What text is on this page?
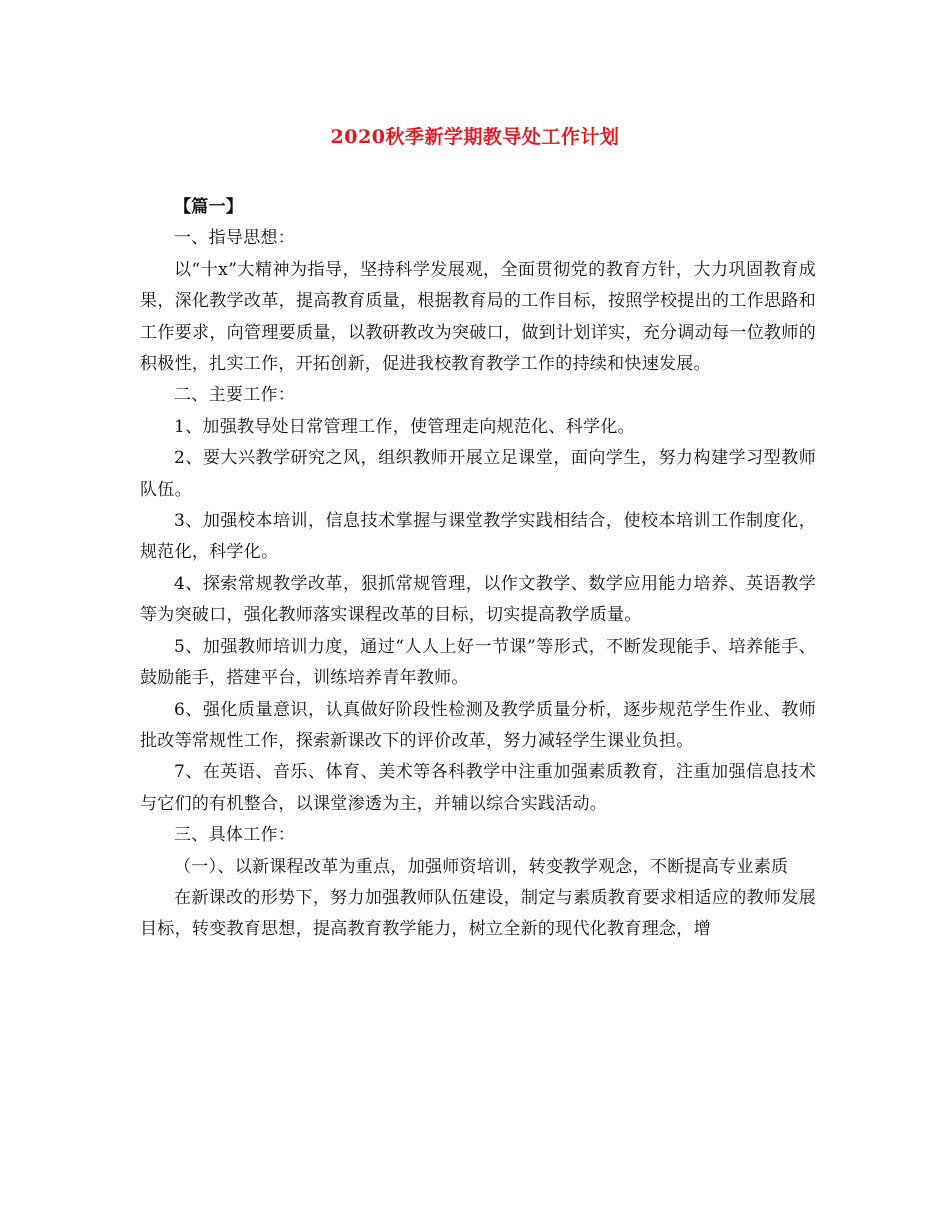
2020秋季新学期教导处工作计划

【篇一】

一、指导思想：

以“十x”大精神为指导，坚持科学发展观，全面贯彻党的教育方针，大力巩固教育成果，深化教学改革，提高教育质量，根据教育局的工作目标，按照学校提出的工作思路和工作要求，向管理要质量，以教研教改为突破口，做到计划详实，充分调动每一位教师的积极性，扎实工作，开拓创新，促进我校教育教学工作的持续和快速发展。

二、主要工作：

1、加强教导处日常管理工作，使管理走向规范化、科学化。

2、要大兴教学研究之风，组织教师开展立足课堂，面向学生，努力构建学习型教师队伍。

3、加强校本培训，信息技术掌握与课堂教学实践相结合，使校本培训工作制度化，规范化，科学化。

4、探索常规教学改革，狠抓常规管理，以作文教学、数学应用能力培养、英语教学等为突破口，强化教师落实课程改革的目标，切实提高教学质量。

5、加强教师培训力度，通过“人人上好一节课”等形式，不断发现能手、培养能手、鼓励能手，搭建平台，训练培养青年教师。

6、强化质量意识，认真做好阶段性检测及教学质量分析，逐步规范学生作业、教师批改等常规性工作，探索新课改下的评价改革，努力减轻学生课业负担。

7、在英语、音乐、体育、美术等各科教学中注重加强素质教育，注重加强信息技术与它们的有机整合，以课堂渗透为主，并辅以综合实践活动。

三、具体工作：

（一）、以新课程改革为重点，加强师资培训，转变教学观念，不断提高专业素质

在新课改的形势下，努力加强教师队伍建设，制定与素质教育要求相适应的教师发展目标，转变教育思想，提高教育教学能力，树立全新的现代化教育理念，增
